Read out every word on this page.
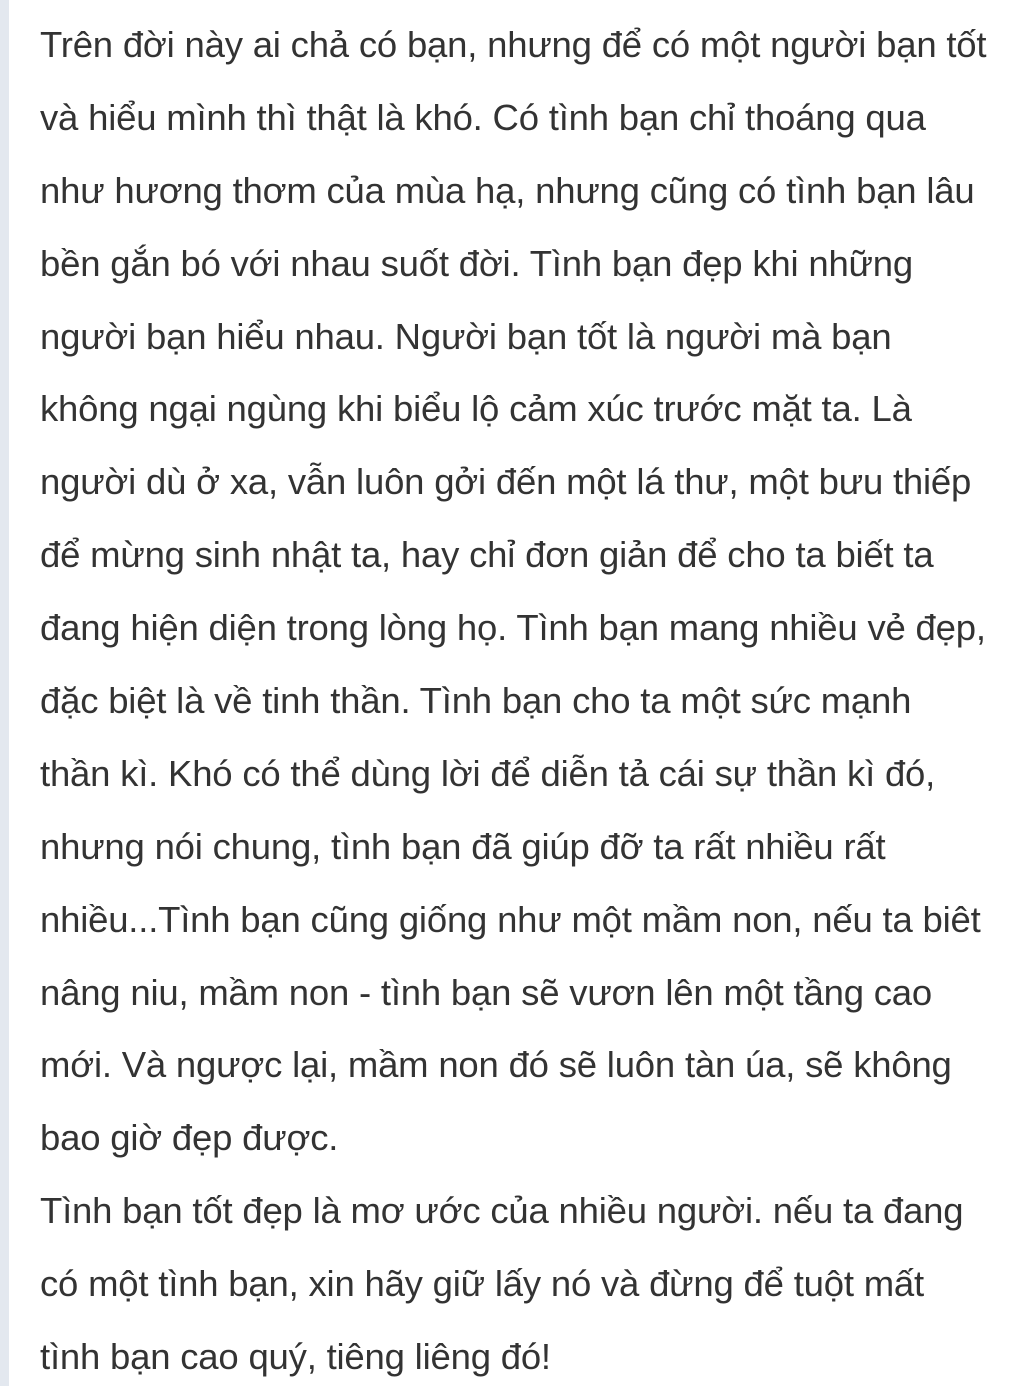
Trên đời này ai chả có bạn, nhưng để có một người bạn tốt
và hiểu mình thì thật là khó. Có tình bạn chỉ thoáng qua
như hương thơm của mùa hạ, nhưng cũng có tình bạn lâu
bền gắn bó với nhau suốt đời. Tình bạn đẹp khi những
người bạn hiểu nhau. Người bạn tốt là người mà bạn
không ngại ngùng khi biểu lộ cảm xúc trước mặt ta. Là
người dù ở xa, vẫn luôn gởi đến một lá thư, một bưu thiếp
để mừng sinh nhật ta, hay chỉ đơn giản để cho ta biết ta
đang hiện diện trong lòng họ. Tình bạn mang nhiều vẻ đẹp,
đặc biệt là về tinh thần. Tình bạn cho ta một sức mạnh
thần kì. Khó có thể dùng lời để diễn tả cái sự thần kì đó,
nhưng nói chung, tình bạn đã giúp đỡ ta rất nhiều rất
nhiều...Tình bạn cũng giống như một mầm non, nếu ta biêt
nâng niu, mầm non - tình bạn sẽ vươn lên một tầng cao
mới. Và ngược lại, mầm non đó sẽ luôn tàn úa, sẽ không
bao giờ đẹp được.
Tình bạn tốt đẹp là mơ ước của nhiều người. nếu ta đang
có một tình bạn, xin hãy giữ lấy nó và đừng để tuột mất
tình bạn cao quý, tiêng liêng đó!
